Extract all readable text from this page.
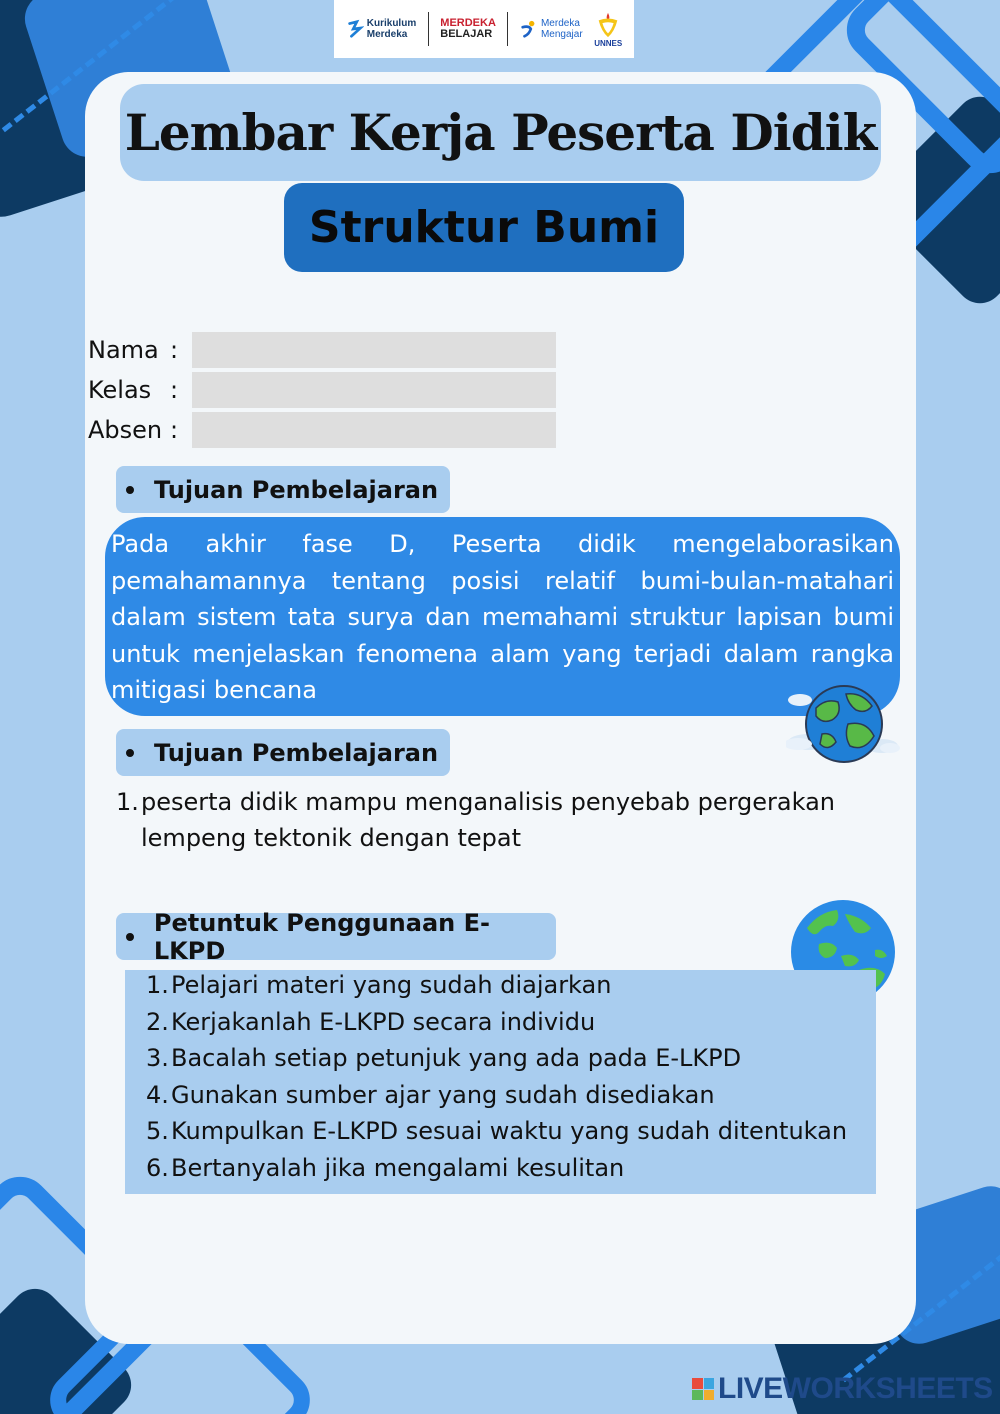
Kurikulum
Merdeka
MERDEKA
BELAJAR
Merdeka
Mengajar
UNNES
Lembar Kerja Peserta Didik
Struktur Bumi
Nama :
Kelas :
Absen :
Tujuan Pembelajaran

Pada akhir fase D, Peserta didik mengelaborasikan pemahamannya tentang posisi relatif bumi-bulan-matahari dalam sistem tata surya dan memahami struktur lapisan bumi untuk menjelaskan fenomena alam yang terjadi dalam rangka mitigasi bencana

Tujuan Pembelajaran
1. peserta didik mampu menganalisis penyebab pergerakan lempeng tektonik dengan tepat
Petuntuk Penggunaan E-LKPD
1. Pelajari materi yang sudah diajarkan
2. Kerjakanlah E-LKPD secara individu
3. Bacalah setiap petunjuk yang ada pada E-LKPD
4. Gunakan sumber ajar yang sudah disediakan
5. Kumpulkan E-LKPD sesuai waktu yang sudah ditentukan
6. Bertanyalah jika mengalami kesulitan
LIVEWORKSHEETS
